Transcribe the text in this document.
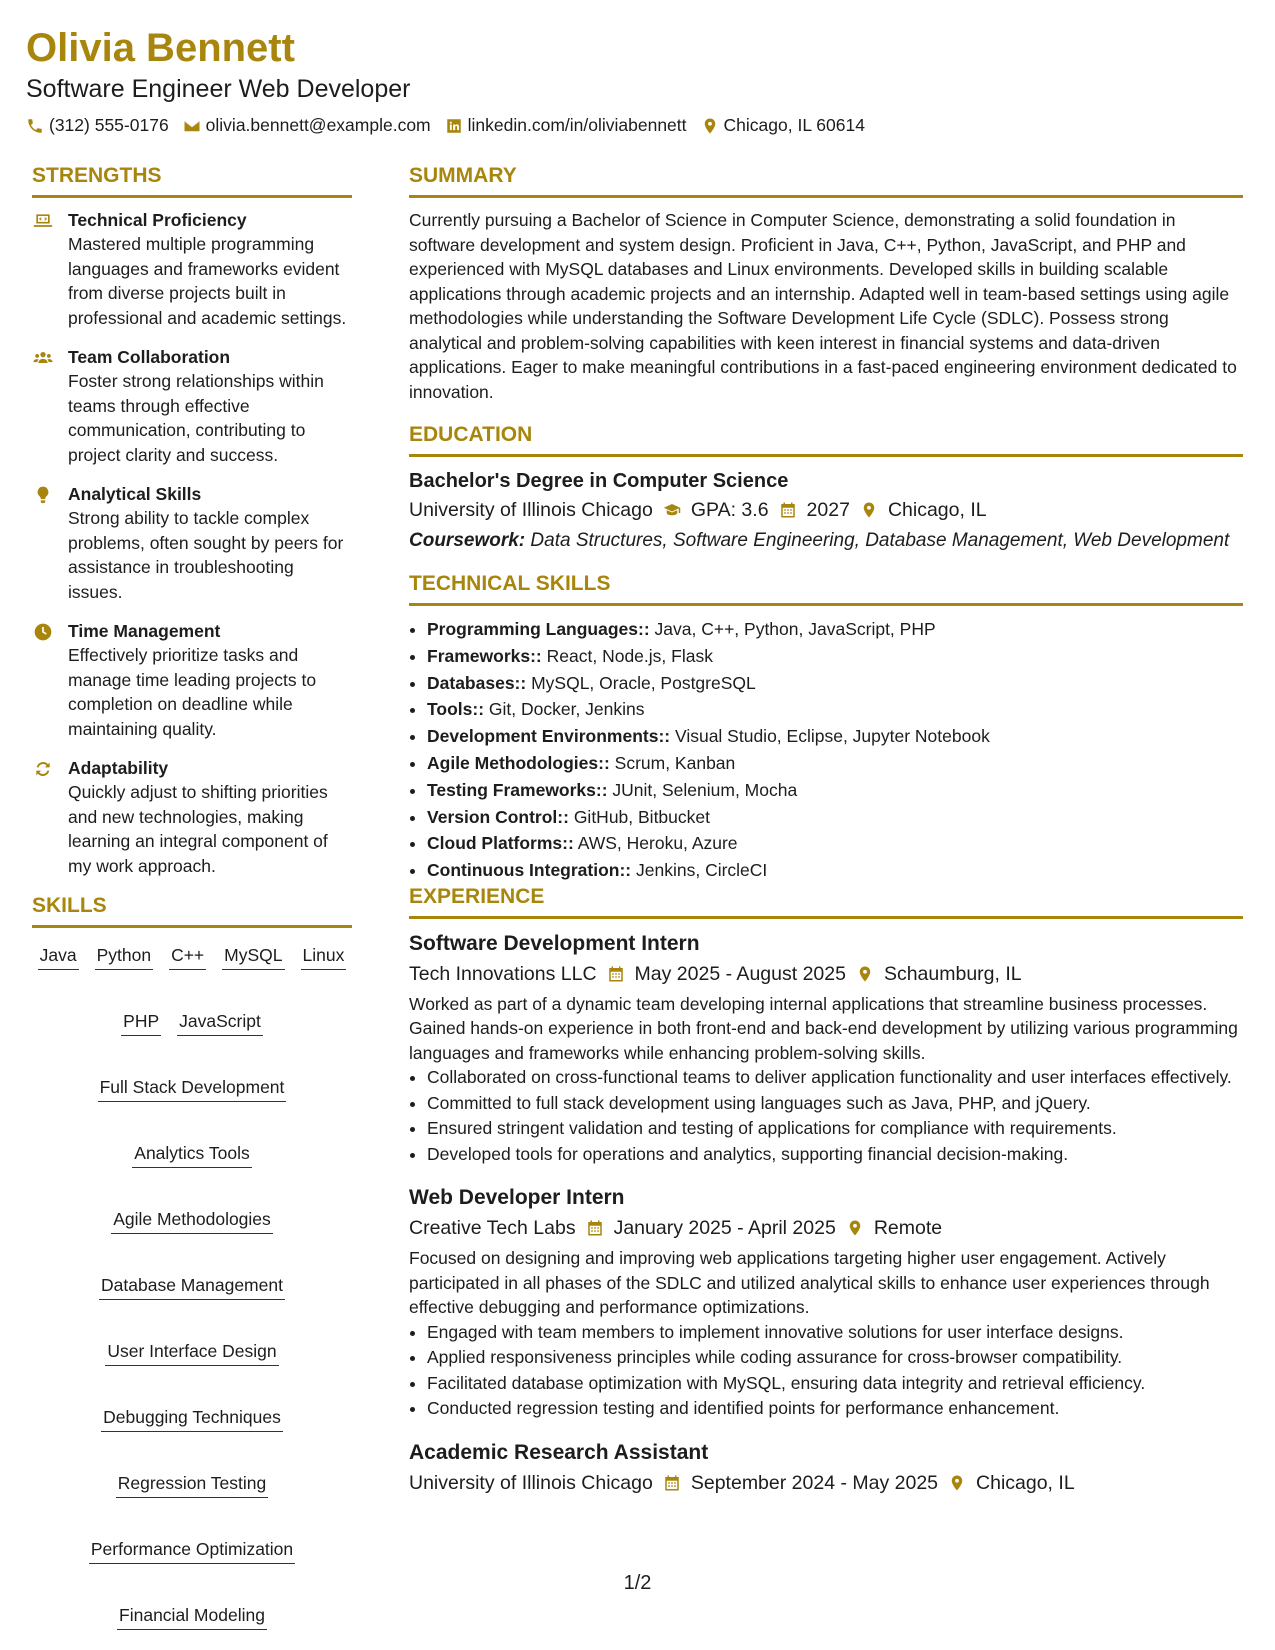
Olivia Bennett
Software Engineer Web Developer
(312) 555-0176 olivia.bennett@example.com linkedin.com/in/oliviabennett Chicago, IL 60614
STRENGTHS
Technical Proficiency
Mastered multiple programming languages and frameworks evident from diverse projects built in professional and academic settings.
Team Collaboration
Foster strong relationships within teams through effective communication, contributing to project clarity and success.
Analytical Skills
Strong ability to tackle complex problems, often sought by peers for assistance in troubleshooting issues.
Time Management
Effectively prioritize tasks and manage time leading projects to completion on deadline while maintaining quality.
Adaptability
Quickly adjust to shifting priorities and new technologies, making learning an integral component of my work approach.
SKILLS
Java Python C++ MySQL Linux
PHP JavaScript
Full Stack Development
Analytics Tools
Agile Methodologies
Database Management
User Interface Design
Debugging Techniques
Regression Testing
Performance Optimization
Financial Modeling
SUMMARY
Currently pursuing a Bachelor of Science in Computer Science, demonstrating a solid foundation in software development and system design. Proficient in Java, C++, Python, JavaScript, and PHP and experienced with MySQL databases and Linux environments. Developed skills in building scalable applications through academic projects and an internship. Adapted well in team-based settings using agile methodologies while understanding the Software Development Life Cycle (SDLC). Possess strong analytical and problem-solving capabilities with keen interest in financial systems and data-driven applications. Eager to make meaningful contributions in a fast-paced engineering environment dedicated to innovation.
EDUCATION
Bachelor's Degree in Computer Science
University of Illinois Chicago GPA: 3.6 2027 Chicago, IL
Coursework: Data Structures, Software Engineering, Database Management, Web Development
TECHNICAL SKILLS
• Programming Languages:: Java, C++, Python, JavaScript, PHP
• Frameworks:: React, Node.js, Flask
• Databases:: MySQL, Oracle, PostgreSQL
• Tools:: Git, Docker, Jenkins
• Development Environments:: Visual Studio, Eclipse, Jupyter Notebook
• Agile Methodologies:: Scrum, Kanban
• Testing Frameworks:: JUnit, Selenium, Mocha
• Version Control:: GitHub, Bitbucket
• Cloud Platforms:: AWS, Heroku, Azure
• Continuous Integration:: Jenkins, CircleCI
EXPERIENCE
Software Development Intern
Tech Innovations LLC May 2025 - August 2025 Schaumburg, IL
Worked as part of a dynamic team developing internal applications that streamline business processes. Gained hands-on experience in both front-end and back-end development by utilizing various programming languages and frameworks while enhancing problem-solving skills.
• Collaborated on cross-functional teams to deliver application functionality and user interfaces effectively.
• Committed to full stack development using languages such as Java, PHP, and jQuery.
• Ensured stringent validation and testing of applications for compliance with requirements.
• Developed tools for operations and analytics, supporting financial decision-making.
Web Developer Intern
Creative Tech Labs January 2025 - April 2025 Remote
Focused on designing and improving web applications targeting higher user engagement. Actively participated in all phases of the SDLC and utilized analytical skills to enhance user experiences through effective debugging and performance optimizations.
• Engaged with team members to implement innovative solutions for user interface designs.
• Applied responsiveness principles while coding assurance for cross-browser compatibility.
• Facilitated database optimization with MySQL, ensuring data integrity and retrieval efficiency.
• Conducted regression testing and identified points for performance enhancement.
Academic Research Assistant
University of Illinois Chicago September 2024 - May 2025 Chicago, IL
1/2
